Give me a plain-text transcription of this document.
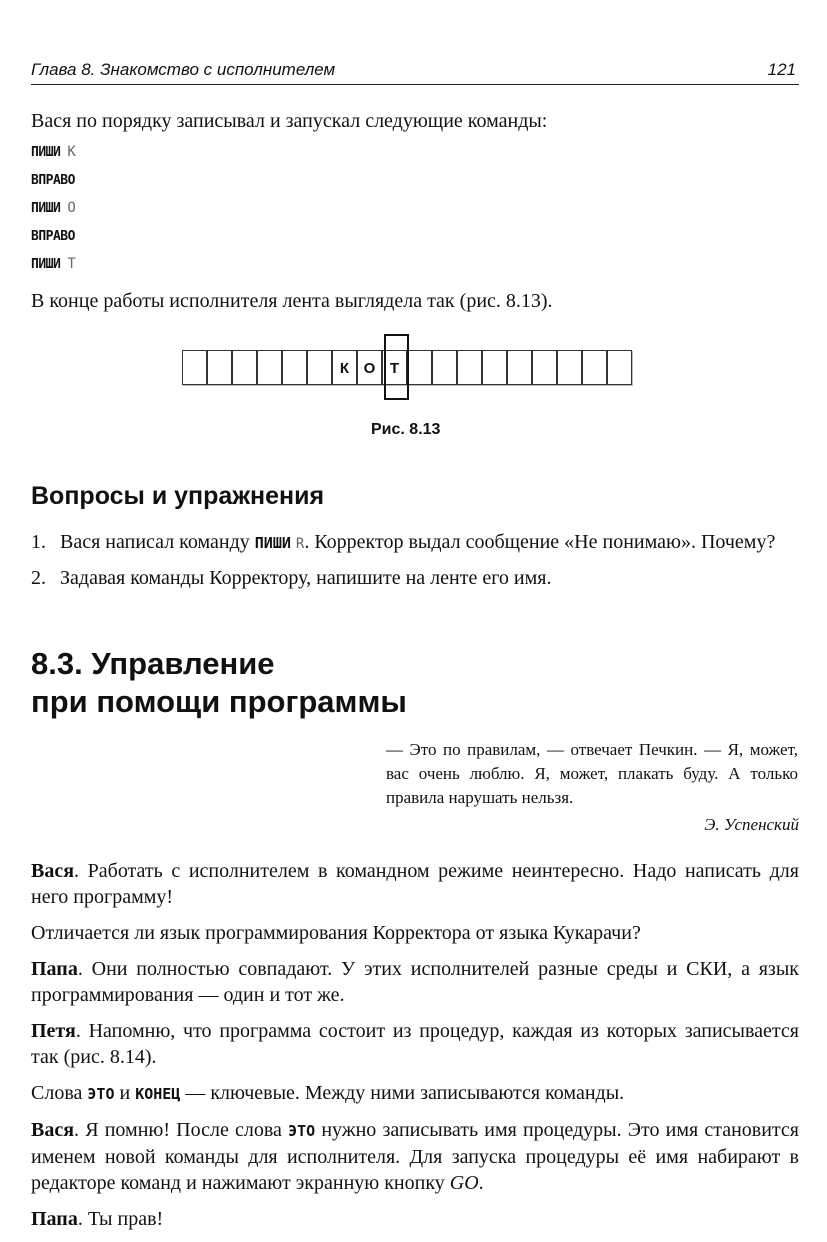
Глава 8. Знакомство с исполнителем	121

Вася по порядку записывал и запускал следующие команды:

ПИШИ К
ВПРАВО
ПИШИ О
ВПРАВО
ПИШИ Т

В конце работы исполнителя лента выглядела так (рис. 8.13).

К О Т
Рис. 8.13
Вопросы и упражнения
1. Вася написал команду ПИШИ R. Корректор выдал сообщение «Не понимаю». Почему?
2. Задавая команды Корректору, напишите на ленте его имя.
8.3. Управление
при помощи программы
— Это по правилам, — отвечает Печкин. — Я, может, вас очень люблю. Я, может, плакать буду. А только правила нарушать нельзя.
Э. Успенский

Вася. Работать с исполнителем в командном режиме неинтересно. Надо написать для него программу!

Отличается ли язык программирования Корректора от языка Кукарачи?

Папа. Они полностью совпадают. У этих исполнителей разные среды и СКИ, а язык программирования — один и тот же.

Петя. Напомню, что программа состоит из процедур, каждая из которых записывается так (рис. 8.14).

Слова ЭТО и КОНЕЦ — ключевые. Между ними записываются команды.

Вася. Я помню! После слова ЭТО нужно записывать имя процедуры. Это имя становится именем новой команды для исполнителя. Для запуска процедуры её имя набирают в редакторе команд и нажимают экранную кнопку GO.

Папа. Ты прав!
